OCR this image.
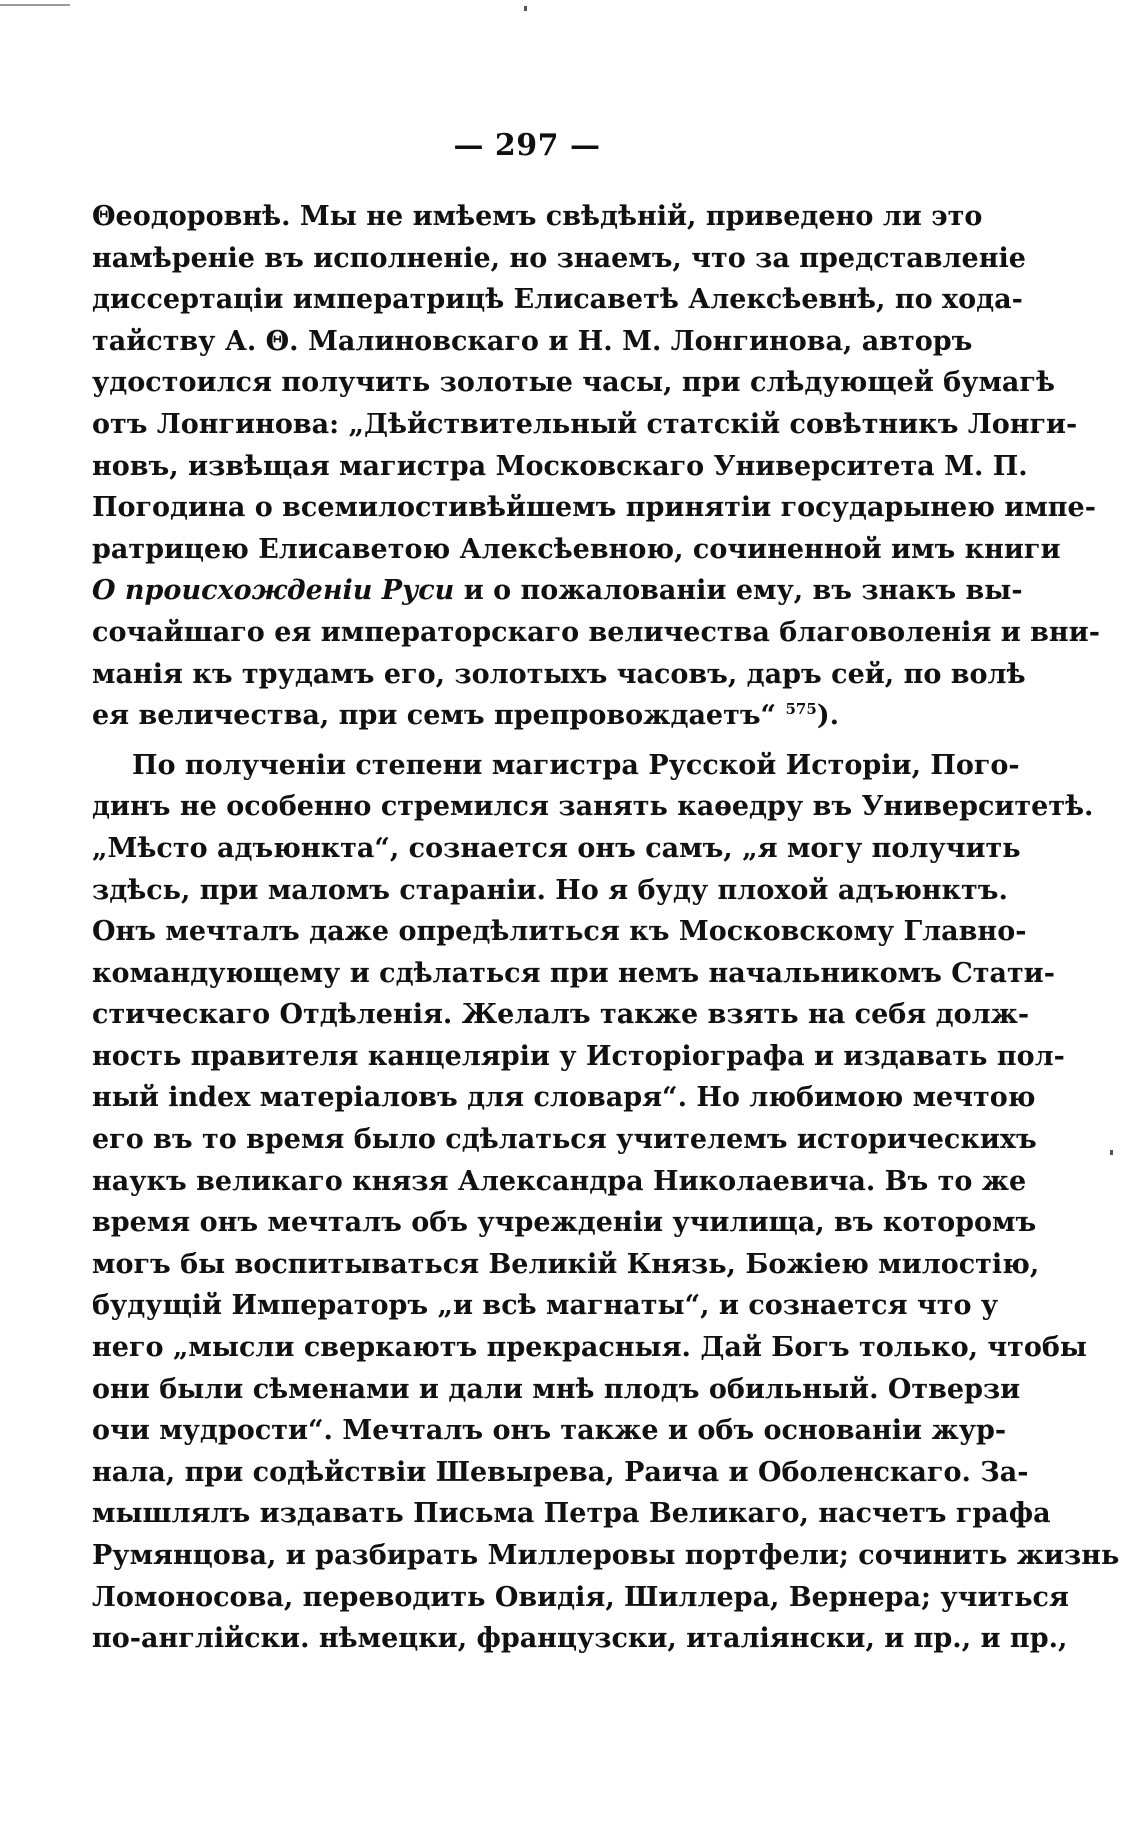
— 297 —
Θеодоровнѣ. Мы не имѣемъ свѣдѣній, приведено ли это
намѣреніе въ исполненіе, но знаемъ, что за представленіе
диссертаціи императрицѣ Елисаветѣ Алексѣевнѣ, по хода-
тайству А. Θ. Малиновскаго и Н. М. Лонгинова, авторъ
удостоился получить золотые часы, при слѣдующей бумагѣ
отъ Лонгинова: „Дѣйствительный статскій совѣтникъ Лонги-
новъ, извѣщая магистра Московскаго Университета М. П.
Погодина о всемилостивѣйшемъ принятіи государынею импе-
ратрицею Елисаветою Алексѣевною, сочиненной имъ книги
О происхожденіи Руси и о пожалованіи ему, въ знакъ вы-
сочайшаго ея императорскаго величества благоволенія и вни-
манія къ трудамъ его, золотыхъ часовъ, даръ сей, по волѣ
ея величества, при семъ препровождаетъ“ $^{575}$).
По полученіи степени магистра Русской Исторіи, Пого-
динъ не особенно стремился занять каѳедру въ Университетѣ.
„Мѣсто адъюнкта“, сознается онъ самъ, „я могу получить
здѣсь, при маломъ стараніи. Но я буду плохой адъюнктъ.
Онъ мечталъ даже опредѣлиться къ Московскому Главно-
командующему и сдѣлаться при немъ начальникомъ Стати-
стическаго Отдѣленія. Желалъ также взять на себя долж-
ность правителя канцеляріи у Исторіографа и издавать пол-
ный index матеріаловъ для словаря“. Но любимою мечтою
его въ то время было сдѣлаться учителемъ историческихъ
наукъ великаго князя Александра Николаевича. Въ то же
время онъ мечталъ объ учрежденіи училища, въ которомъ
могъ бы воспитываться Великій Князь, Божіею милостію,
будущій Императоръ „и всѣ магнаты“, и сознается что у
него „мысли сверкаютъ прекрасныя. Дай Богъ только, чтобы
они были сѣменами и дали мнѣ плодъ обильный. Отверзи
очи мудрости“. Мечталъ онъ также и объ основаніи жур-
нала, при содѣйствіи Шевырева, Раича и Оболенскаго. За-
мышлялъ издавать Письма Петра Великаго, насчетъ графа
Румянцова, и разбирать Миллеровы портфели; сочинить жизнь
Ломоносова, переводить Овидія, Шиллера, Вернера; учиться
по-англійски. нѣмецки, французски, италіянски, и пр., и пр.,
